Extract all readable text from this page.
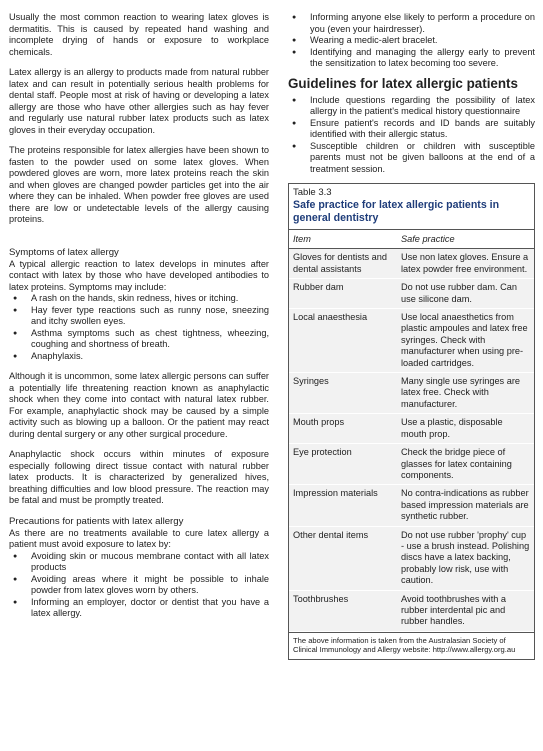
Usually the most common reaction to wearing latex gloves is dermatitis. This is caused by repeated hand washing and incomplete drying of hands or exposure to workplace chemicals.

Latex allergy is an allergy to products made from natural rubber latex and can result in potentially serious health problems for dental staff. People most at risk of having or developing a latex allergy are those who have other allergies such as hay fever and regularly use natural rubber latex products such as latex gloves in their everyday occupation.

The proteins responsible for latex allergies have been shown to fasten to the powder used on some latex gloves. When powdered gloves are worn, more latex proteins reach the skin and when gloves are changed powder particles get into the air where they can be inhaled. When powder free gloves are used there are low or undetectable levels of the allergy causing proteins.

Symptoms of latex allergy

A typical allergic reaction to latex develops in minutes after contact with latex by those who have developed antibodies to latex proteins. Symptoms may include:

● A rash on the hands, skin redness, hives or itching.
● Hay fever type reactions such as runny nose, sneezing and itchy swollen eyes.
● Asthma symptoms such as chest tightness, wheezing, coughing and shortness of breath.
● Anaphylaxis.

Although it is uncommon, some latex allergic persons can suffer a potentially life threatening reaction known as anaphylactic shock when they come into contact with natural latex rubber. For example, anaphylactic shock may be caused by a simple activity such as blowing up a balloon. Or the patient may react during dental surgery or any other surgical procedure.

Anaphylactic shock occurs within minutes of exposure especially following direct tissue contact with natural rubber latex products. It is characterized by generalized hives, breathing difficulties and low blood pressure. The reaction may be fatal and must be promptly treated.

Precautions for patients with latex allergy

As there are no treatments available to cure latex allergy a patient must avoid exposure to latex by:

● Avoiding skin or mucous membrane contact with all latex products
● Avoiding areas where it might be possible to inhale powder from latex gloves worn by others.
● Informing an employer, doctor or dentist that you have a latex allergy.
● Informing anyone else likely to perform a procedure on you (even your hairdresser).
● Wearing a medic-alert bracelet.
● Identifying and managing the allergy early to prevent the sensitization to latex becoming too severe.
Guidelines for latex allergic patients
● Include questions regarding the possibility of latex allergy in the patient's medical history questionnaire
● Ensure patient's records and ID bands are suitably identified with their allergic status.
● Susceptible children or children with susceptible parents must not be given balloons at the end of a treatment session.
Table 3.3
Safe practice for latex allergic patients in general dentistry
Item	Safe practice
Gloves for dentists and dental assistants	Use non latex gloves. Ensure a latex powder free environment.
Rubber dam	Do not use rubber dam. Can use silicone dam.
Local anaesthesia	Use local anaesthetics from plastic ampoules and latex free syringes. Check with manufacturer when using pre-loaded cartridges.
Syringes	Many single use syringes are latex free. Check with manufacturer.
Mouth props	Use a plastic, disposable mouth prop.
Eye protection	Check the bridge piece of glasses for latex containing components.
Impression materials	No contra-indications as rubber based impression materials are synthetic rubber.
Other dental items	Do not use rubber 'prophy' cup - use a brush instead. Polishing discs have a latex backing, probably low risk, use with caution.
Toothbrushes	Avoid toothbrushes with a rubber interdental pic and rubber handles.
The above information is taken from the Australasian Society of Clinical Immunology and Allergy website: http://www.allergy.org.au
